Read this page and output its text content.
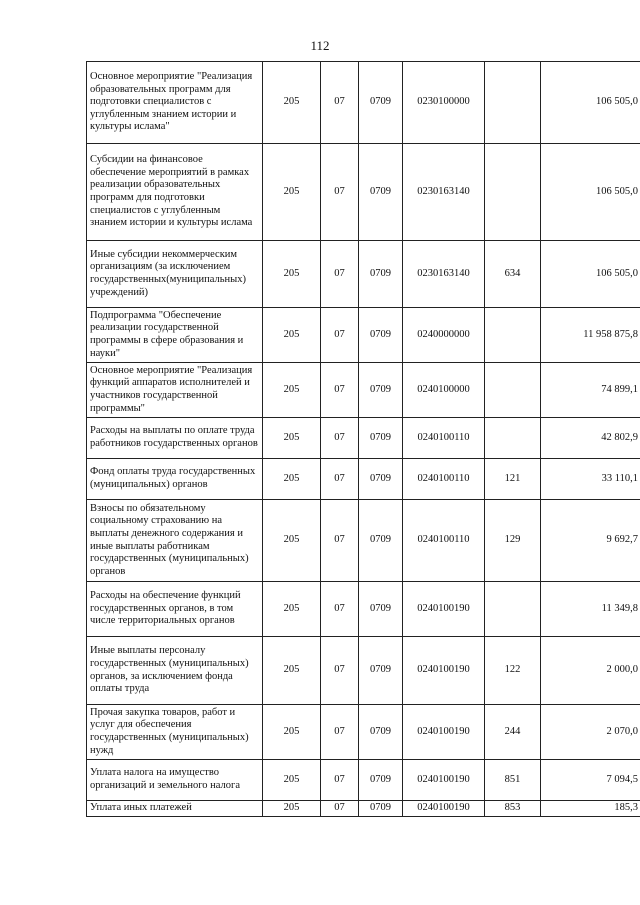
112
Основное мероприятие "Реализация образовательных программ для подготовки специалистов с углубленным знанием истории и культуры ислама"	205	07	0709	0230100000		106 505,0
Субсидии на финансовое обеспечение мероприятий в рамках реализации образовательных программ для подготовки специалистов с углубленным знанием истории и культуры ислама	205	07	0709	0230163140		106 505,0
Иные субсидии некоммерческим организациям (за исключением государственных(муниципальных) учреждений)	205	07	0709	0230163140	634	106 505,0
Подпрограмма "Обеспечение реализации государственной программы в сфере образования и науки"	205	07	0709	0240000000		11 958 875,8
Основное мероприятие "Реализация функций аппаратов исполнителей и участников государственной программы"	205	07	0709	0240100000		74 899,1
Расходы на выплаты по оплате труда работников государственных органов	205	07	0709	0240100110		42 802,9
Фонд оплаты труда государственных (муниципальных) органов	205	07	0709	0240100110	121	33 110,1
Взносы по обязательному социальному страхованию на выплаты денежного содержания и иные выплаты работникам государственных (муниципальных) органов	205	07	0709	0240100110	129	9 692,7
Расходы на обеспечение функций государственных органов, в том числе территориальных органов	205	07	0709	0240100190		11 349,8
Иные выплаты персоналу государственных (муниципальных) органов, за исключением фонда оплаты труда	205	07	0709	0240100190	122	2 000,0
Прочая закупка товаров, работ и услуг для обеспечения государственных (муниципальных) нужд	205	07	0709	0240100190	244	2 070,0
Уплата налога на имущество организаций и земельного налога	205	07	0709	0240100190	851	7 094,5
Уплата иных платежей	205	07	0709	0240100190	853	185,3
